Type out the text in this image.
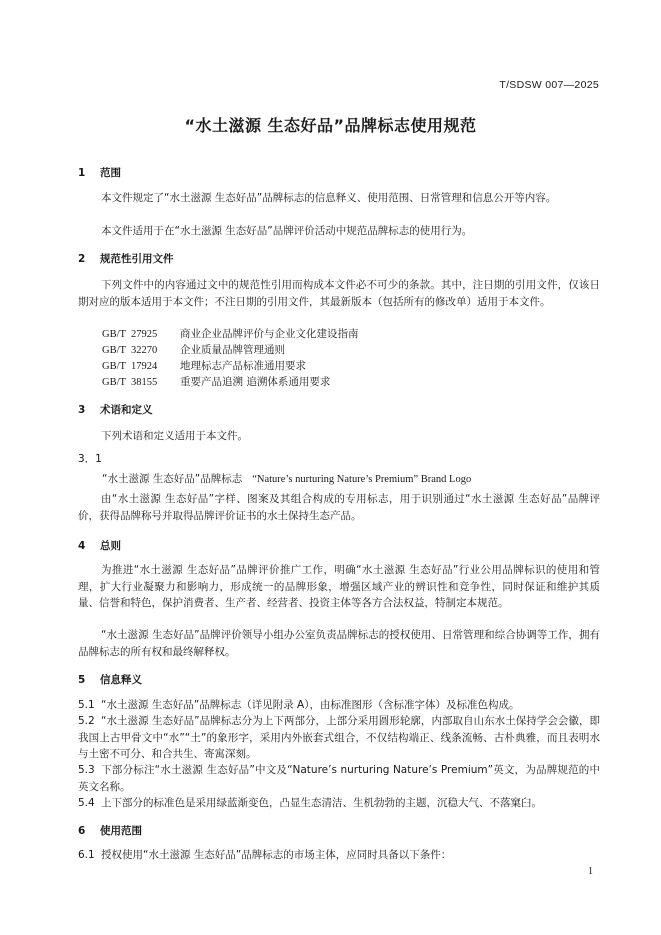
T/SDSW 007—2025
“水土滋源 生态好品”品牌标志使用规范
1 范围
本文件规定了“水土滋源 生态好品”品牌标志的信息释义、使用范围、日常管理和信息公开等内容。
本文件适用于在“水土滋源 生态好品”品牌评价活动中规范品牌标志的使用行为。
2 规范性引用文件
下列文件中的内容通过文中的规范性引用而构成本文件必不可少的条款。其中，注日期的引用文件，仅该日期对应的版本适用于本文件；不注日期的引用文件，其最新版本（包括所有的修改单）适用于本文件。
GB/T 27925 商业企业品牌评价与企业文化建设指南
GB/T 32270 企业质量品牌管理通则
GB/T 17924 地理标志产品标准通用要求
GB/T 38155 重要产品追溯 追溯体系通用要求
3 术语和定义
下列术语和定义适用于本文件。
3．1
“水土滋源 生态好品”品牌标志 “Nature’s nurturing Nature’s Premium” Brand Logo
由“水土滋源 生态好品”字样、图案及其组合构成的专用标志，用于识别通过“水土滋源 生态好品”品牌评价，获得品牌称号并取得品牌评价证书的水土保持生态产品。
4 总则
为推进“水土滋源 生态好品”品牌评价推广工作，明确“水土滋源 生态好品”行业公用品牌标识的使用和管理，扩大行业凝聚力和影响力，形成统一的品牌形象，增强区域产业的辨识性和竞争性，同时保证和维护其质量、信誉和特色，保护消费者、生产者、经营者、投资主体等各方合法权益，特制定本规范。
“水土滋源 生态好品”品牌评价领导小组办公室负责品牌标志的授权使用、日常管理和综合协调等工作，拥有品牌标志的所有权和最终解释权。
5 信息释义
5.1 “水土滋源 生态好品”品牌标志（详见附录 A），由标准图形（含标准字体）及标准色构成。
5.2 “水土滋源 生态好品”品牌标志分为上下两部分，上部分采用圆形轮廓，内部取自山东水土保持学会会徽，即我国上古甲骨文中“水”“土”的象形字，采用内外嵌套式组合，不仅结构端正、线条流畅、古朴典雅，而且表明水与土密不可分、和合共生、寄寓深刻。
5.3 下部分标注“水土滋源 生态好品”中文及“Nature’s nurturing Nature’s Premium”英文，为品牌规范的中英文名称。
5.4 上下部分的标准色是采用绿蓝渐变色，凸显生态清洁、生机勃勃的主题，沉稳大气、不落窠臼。
6 使用范围
6.1 授权使用“水土滋源 生态好品”品牌标志的市场主体，应同时具备以下条件：
1
